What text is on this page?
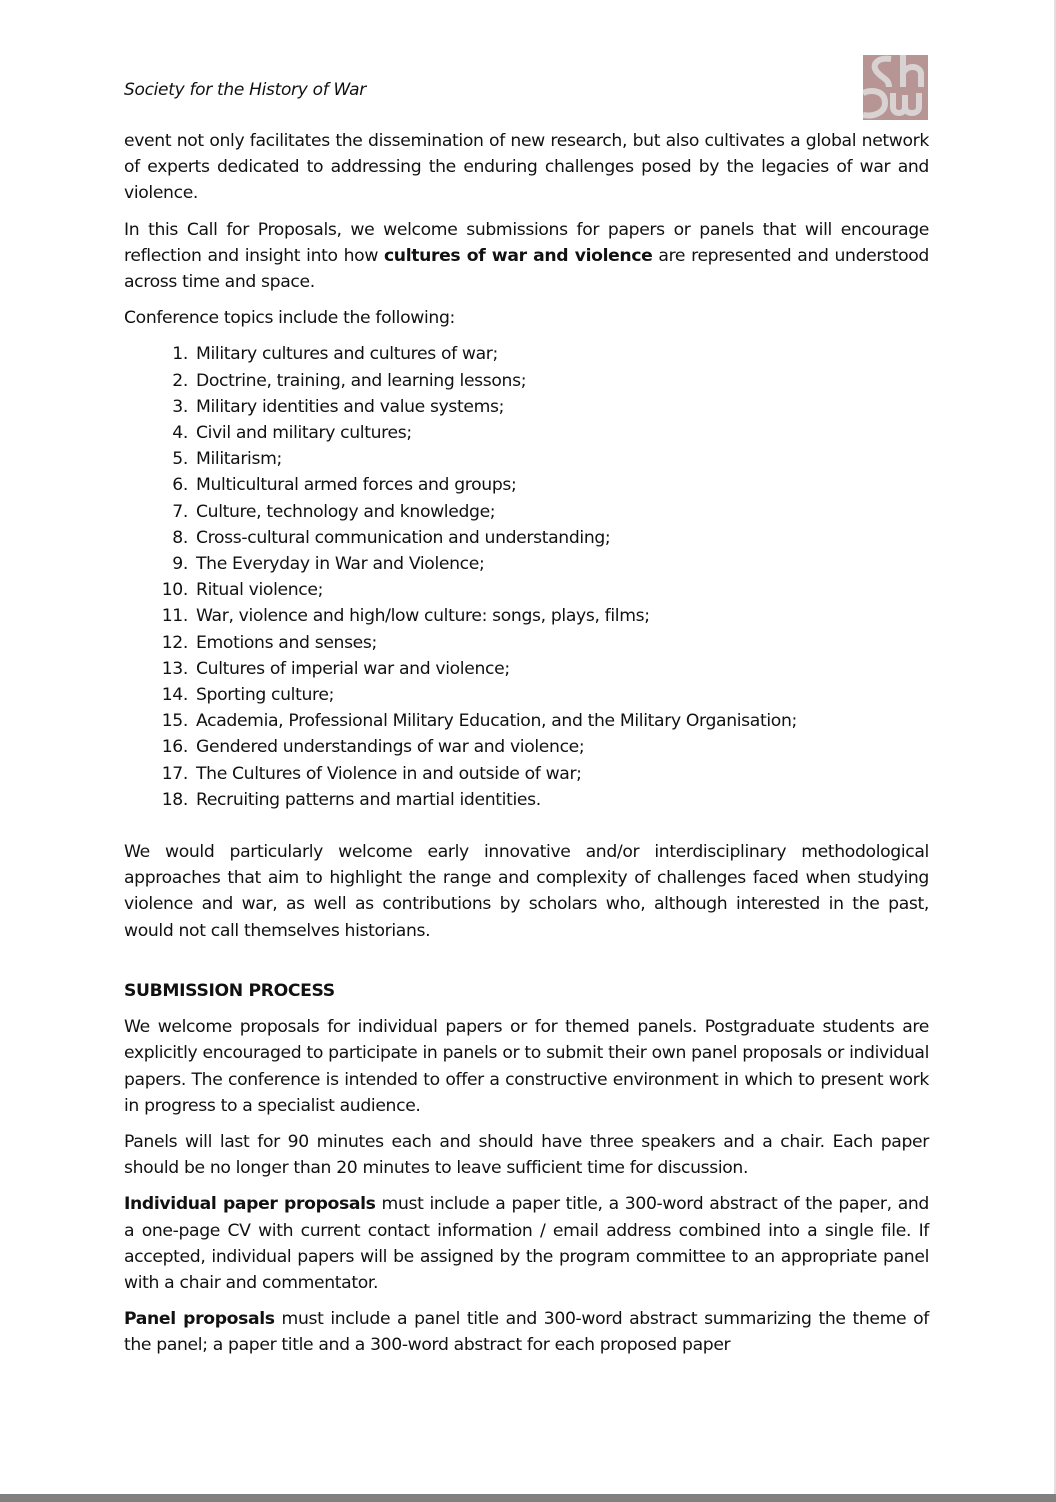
Society for the History of War

event not only facilitates the dissemination of new research, but also cultivates a global network of experts dedicated to addressing the enduring challenges posed by the legacies of war and violence.

In this Call for Proposals, we welcome submissions for papers or panels that will encourage reflection and insight into how cultures of war and violence are represented and understood across time and space.

Conference topics include the following:

1. Military cultures and cultures of war;
2. Doctrine, training, and learning lessons;
3. Military identities and value systems;
4. Civil and military cultures;
5. Militarism;
6. Multicultural armed forces and groups;
7. Culture, technology and knowledge;
8. Cross-cultural communication and understanding;
9. The Everyday in War and Violence;
10. Ritual violence;
11. War, violence and high/low culture: songs, plays, films;
12. Emotions and senses;
13. Cultures of imperial war and violence;
14. Sporting culture;
15. Academia, Professional Military Education, and the Military Organisation;
16. Gendered understandings of war and violence;
17. The Cultures of Violence in and outside of war;
18. Recruiting patterns and martial identities.

We would particularly welcome early innovative and/or interdisciplinary methodological approaches that aim to highlight the range and complexity of challenges faced when studying violence and war, as well as contributions by scholars who, although interested in the past, would not call themselves historians.

SUBMISSION PROCESS

We welcome proposals for individual papers or for themed panels. Postgraduate students are explicitly encouraged to participate in panels or to submit their own panel proposals or individual papers. The conference is intended to offer a constructive environment in which to present work in progress to a specialist audience.

Panels will last for 90 minutes each and should have three speakers and a chair. Each paper should be no longer than 20 minutes to leave sufficient time for discussion.

Individual paper proposals must include a paper title, a 300-word abstract of the paper, and a one-page CV with current contact information / email address combined into a single file. If accepted, individual papers will be assigned by the program committee to an appropriate panel with a chair and commentator.

Panel proposals must include a panel title and 300-word abstract summarizing the theme of the panel; a paper title and a 300-word abstract for each proposed paper
